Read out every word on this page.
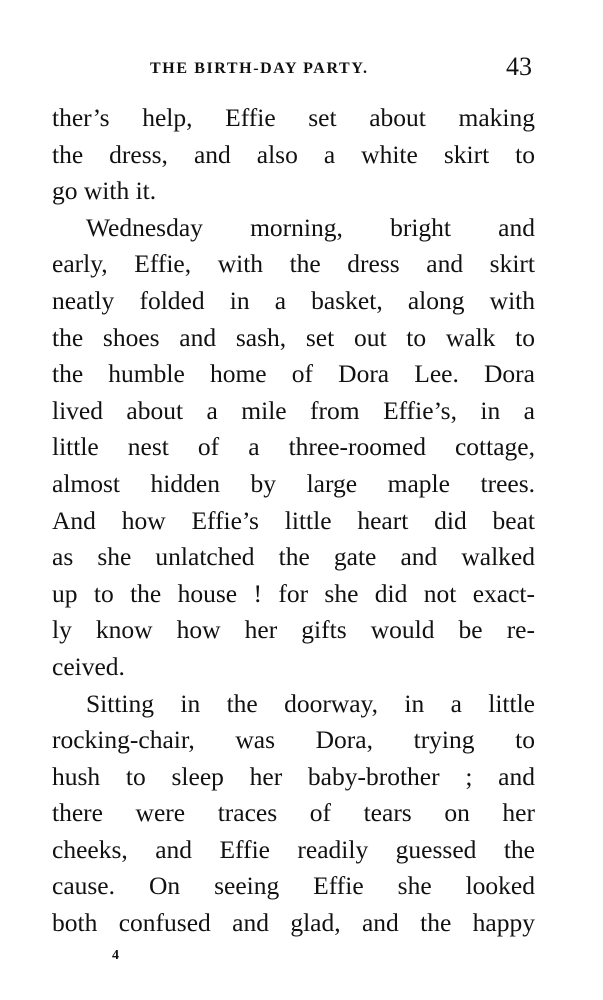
THE BIRTH-DAY PARTY.	43
ther’s help, Effie set about making
the dress, and also a white skirt to
go with it.
Wednesday morning, bright and
early, Effie, with the dress and skirt
neatly folded in a basket, along with
the shoes and sash, set out to walk to
the humble home of Dora Lee. Dora
lived about a mile from Effie’s, in a
little nest of a three-roomed cottage,
almost hidden by large maple trees.
And how Effie’s little heart did beat
as she unlatched the gate and walked
up to the house ! for she did not exact-
ly know how her gifts would be re-
ceived.
Sitting in the doorway, in a little
rocking-chair, was Dora, trying to
hush to sleep her baby-brother ; and
there were traces of tears on her
cheeks, and Effie readily guessed the
cause. On seeing Effie she looked
both confused and glad, and the happy
4
